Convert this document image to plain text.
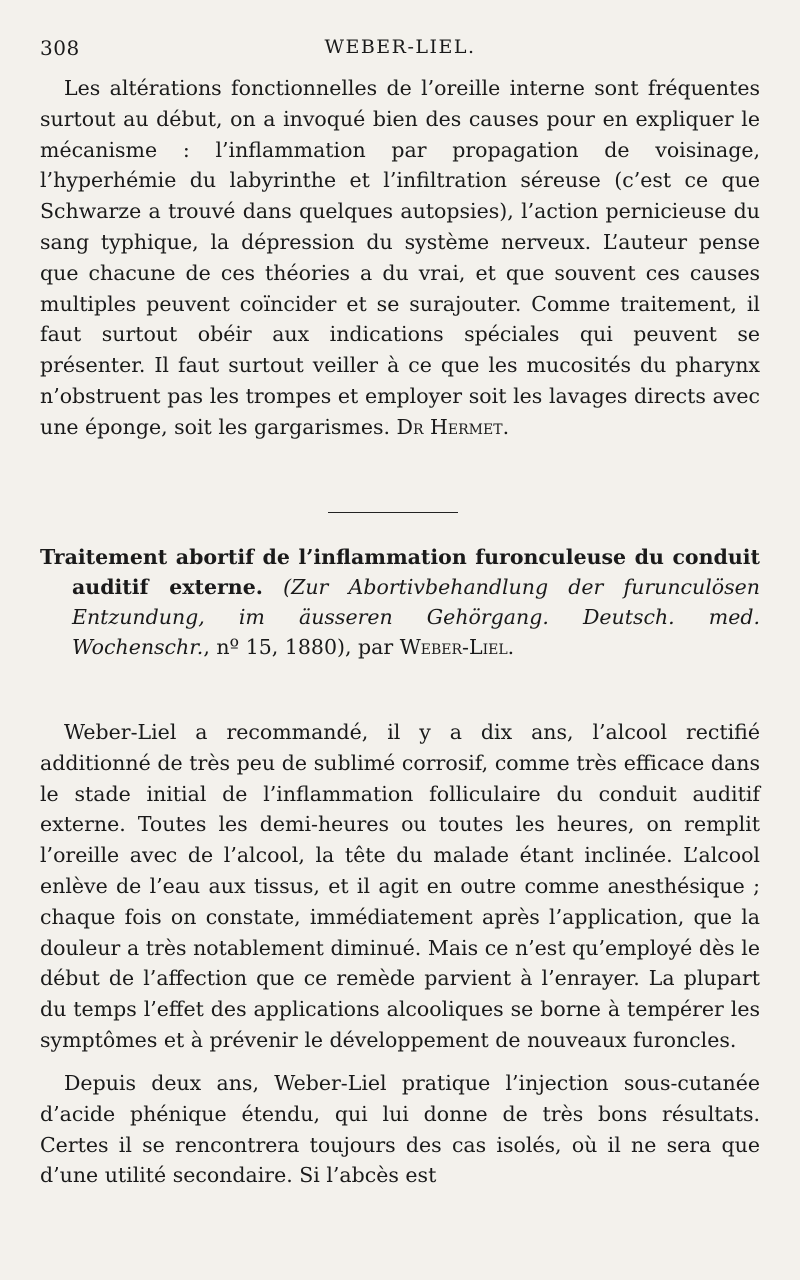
308	WEBER-LIEL.

Les altérations fonctionnelles de l’oreille interne sont fréquentes surtout au début, on a invoqué bien des causes pour en expliquer le mécanisme : l’inflammation par propagation de voisinage, l’hyperhémie du labyrinthe et l’infiltration séreuse (c’est ce que Schwarze a trouvé dans quelques autopsies), l’action pernicieuse du sang typhique, la dépression du système nerveux. L’auteur pense que chacune de ces théories a du vrai, et que souvent ces causes multiples peuvent coïncider et se surajouter. Comme traitement, il faut surtout obéir aux indications spéciales qui peuvent se présenter. Il faut surtout veiller à ce que les mucosités du pharynx n’obstruent pas les trompes et employer soit les lavages directs avec une éponge, soit les gargarismes. Dr Hermet.

Traitement abortif de l’inflammation furonculeuse du conduit auditif externe. (Zur Abortivbehandlung der furunculösen Entzundung, im äusseren Gehörgang. Deutsch. med. Wochenschr., nº 15, 1880), par Weber-Liel.

Weber-Liel a recommandé, il y a dix ans, l’alcool rectifié additionné de très peu de sublimé corrosif, comme très efficace dans le stade initial de l’inflammation folliculaire du conduit auditif externe. Toutes les demi-heures ou toutes les heures, on remplit l’oreille avec de l’alcool, la tête du malade étant inclinée. L’alcool enlève de l’eau aux tissus, et il agit en outre comme anesthésique ; chaque fois on constate, immédiatement après l’application, que la douleur a très notablement diminué. Mais ce n’est qu’employé dès le début de l’affection que ce remède parvient à l’enrayer. La plupart du temps l’effet des applications alcooliques se borne à tempérer les symptômes et à prévenir le développement de nouveaux furoncles.

Depuis deux ans, Weber-Liel pratique l’injection sous-cutanée d’acide phénique étendu, qui lui donne de très bons résultats. Certes il se rencontrera toujours des cas isolés, où il ne sera que d’une utilité secondaire. Si l’abcès est
